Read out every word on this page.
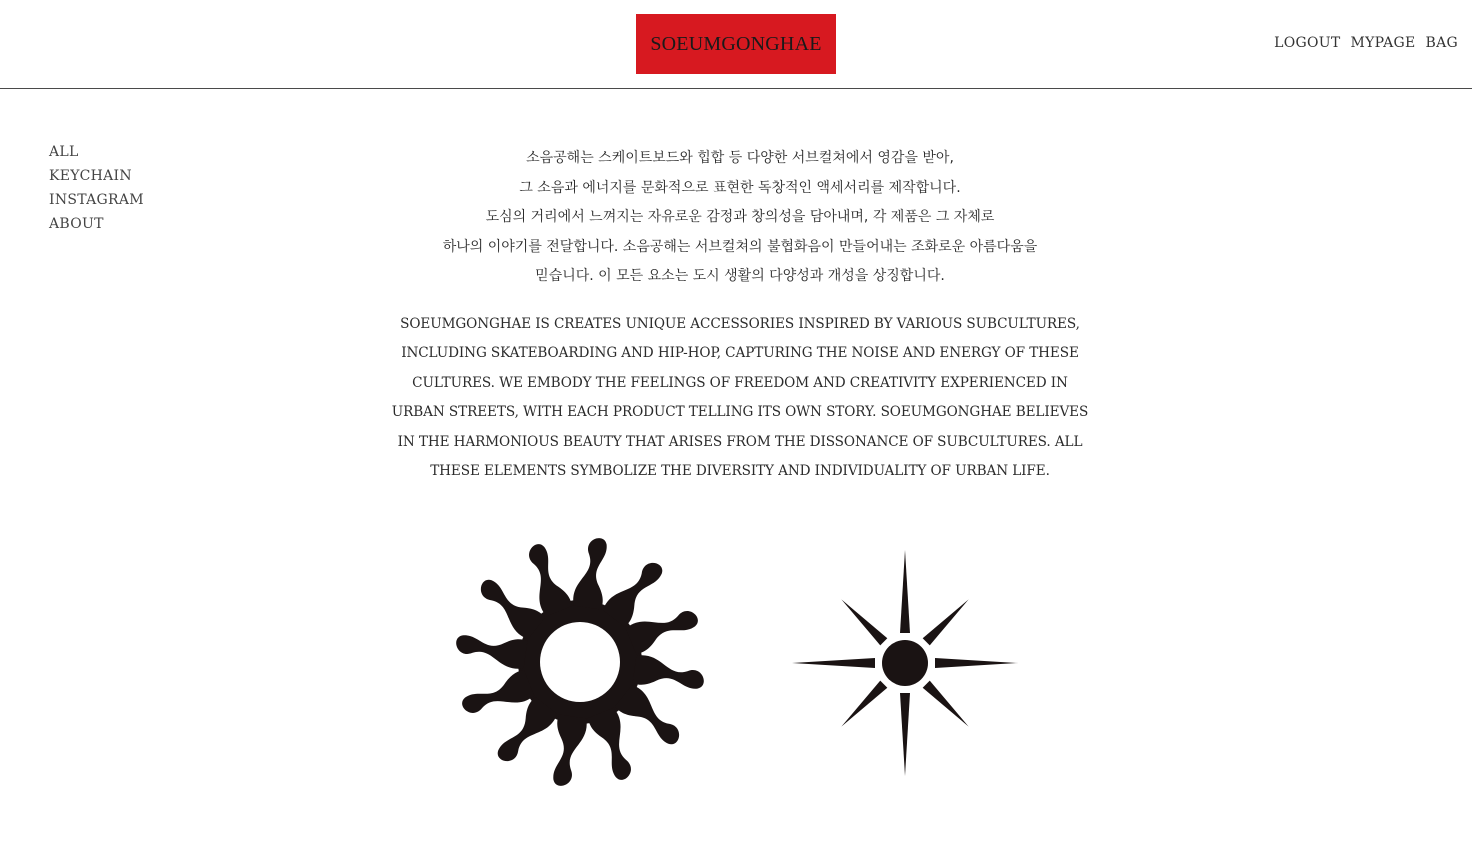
SOEUMGONGHAE	LOGOUT MYPAGE BAG
ALL
KEYCHAIN
INSTAGRAM
ABOUT

소음공해는 스케이트보드와 힙합 등 다양한 서브컬쳐에서 영감을 받아,
그 소음과 에너지를 문화적으로 표현한 독창적인 액세서리를 제작합니다.
도심의 거리에서 느껴지는 자유로운 감정과 창의성을 담아내며, 각 제품은 그 자체로
하나의 이야기를 전달합니다. 소음공해는 서브컬쳐의 불협화음이 만들어내는 조화로운 아름다움을
믿습니다. 이 모든 요소는 도시 생활의 다양성과 개성을 상징합니다.

SOEUMGONGHAE IS CREATES UNIQUE ACCESSORIES INSPIRED BY VARIOUS SUBCULTURES,
INCLUDING SKATEBOARDING AND HIP-HOP, CAPTURING THE NOISE AND ENERGY OF THESE
CULTURES. WE EMBODY THE FEELINGS OF FREEDOM AND CREATIVITY EXPERIENCED IN
URBAN STREETS, WITH EACH PRODUCT TELLING ITS OWN STORY. SOEUMGONGHAE BELIEVES
IN THE HARMONIOUS BEAUTY THAT ARISES FROM THE DISSONANCE OF SUBCULTURES. ALL
THESE ELEMENTS SYMBOLIZE THE DIVERSITY AND INDIVIDUALITY OF URBAN LIFE.
